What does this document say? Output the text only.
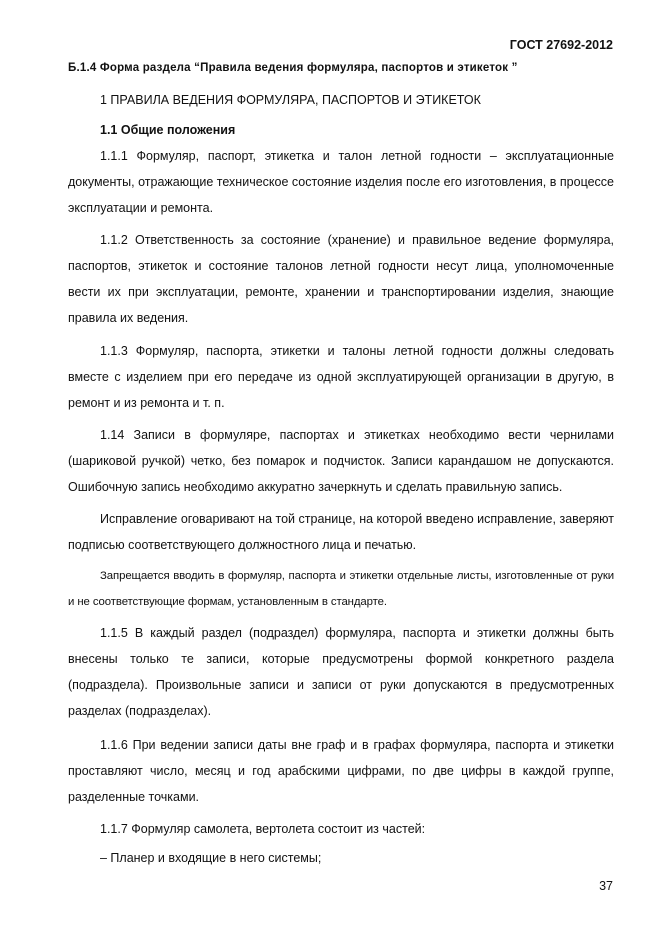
ГОСТ 27692-2012
Б.1.4 Форма раздела “Правила ведения формуляра, паспортов и этикеток ”
1 ПРАВИЛА ВЕДЕНИЯ ФОРМУЛЯРА, ПАСПОРТОВ И ЭТИКЕТОК
1.1 Общие положения

1.1.1 Формуляр, паспорт, этикетка и талон летной годности – эксплуатационные документы, отражающие техническое состояние изделия после его изготовления, в процессе эксплуатации и ремонта.

1.1.2 Ответственность за состояние (хранение) и правильное ведение формуляра, паспортов, этикеток и состояние талонов летной годности несут лица, уполномоченные вести их при эксплуатации, ремонте, хранении и транспортировании изделия, знающие правила их ведения.

1.1.3 Формуляр, паспорта, этикетки и талоны летной годности должны следовать вместе с изделием при его передаче из одной эксплуатирующей организации в другую, в ремонт и из ремонта и т. п.

1.14 Записи в формуляре, паспортах и этикетках необходимо вести чернилами (шариковой ручкой) четко, без помарок и подчисток. Записи карандашом не допускаются. Ошибочную запись необходимо аккуратно зачеркнуть и сделать правильную запись.

Исправление оговаривают на той странице, на которой введено исправление, заверяют подписью соответствующего должностного лица и печатью.

Запрещается вводить в формуляр, паспорта и этикетки отдельные листы, изготовленные от руки и не соответствующие формам, установленным в стандарте.

1.1.5 В каждый раздел (подраздел) формуляра, паспорта и этикетки должны быть внесены только те записи, которые предусмотрены формой конкретного раздела (подраздела). Произвольные записи и записи от руки допускаются в предусмотренных разделах (подразделах).

1.1.6 При ведении записи даты вне граф и в графах формуляра, паспорта и этикетки проставляют число, месяц и год арабскими цифрами, по две цифры в каждой группе, разделенные точками.

1.1.7 Формуляр самолета, вертолета состоит из частей:

– Планер и входящие в него системы;

37
